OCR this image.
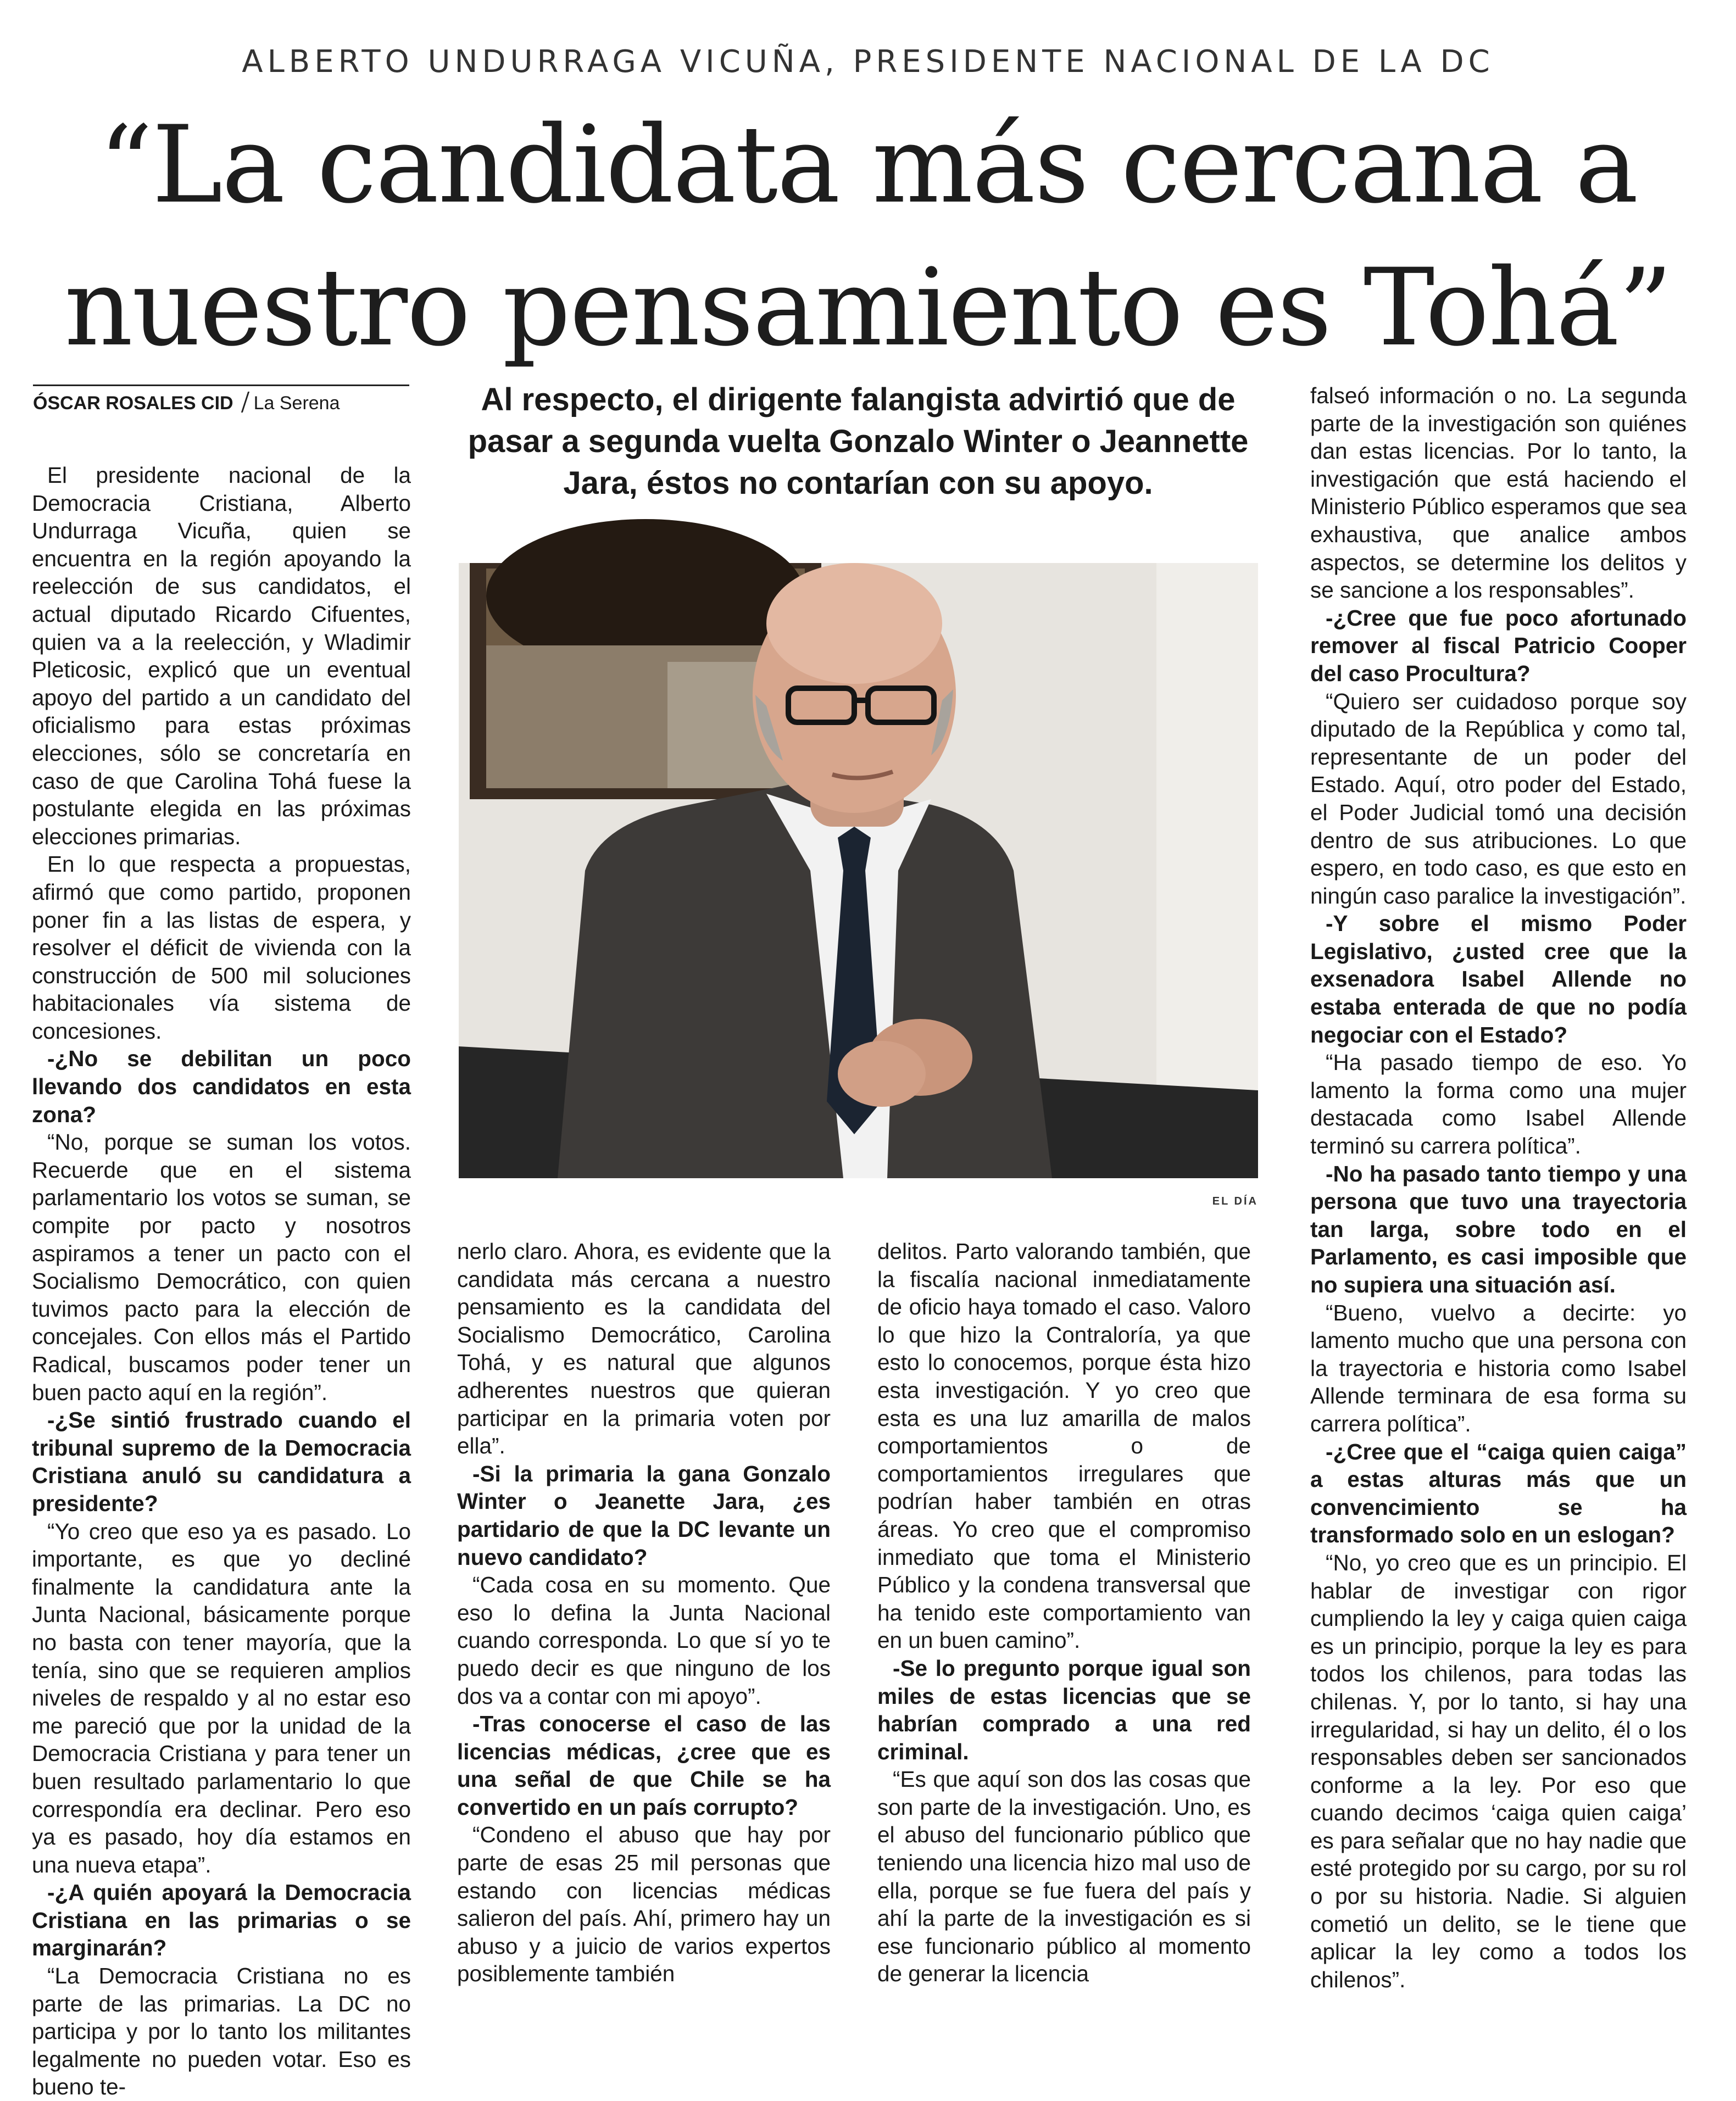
ALBERTO UNDURRAGA VICUÑA, PRESIDENTE NACIONAL DE LA DC
“La candidata más cercana a
nuestro pensamiento es Tohá”
ÓSCAR ROSALES CID La Serena

El presidente nacional de la Democracia Cristiana, Alberto Undurraga Vicuña, quien se encuentra en la región apoyando la reelección de sus candidatos, el actual diputado Ricardo Cifuentes, quien va a la reelección, y Wladimir Pleticosic, explicó que un eventual apoyo del partido a un candidato del oficialismo para estas próximas elecciones, sólo se concretaría en caso de que Carolina Tohá fuese la postulante elegida en las próximas elecciones primarias.

En lo que respecta a propuestas, afirmó que como partido, proponen poner fin a las listas de espera, y resolver el déficit de vivienda con la construcción de 500 mil soluciones habitacionales vía sistema de concesiones.

-¿No se debilitan un poco llevando dos candidatos en esta zona?

“No, porque se suman los votos. Recuerde que en el sistema parlamentario los votos se suman, se compite por pacto y nosotros aspiramos a tener un pacto con el Socialismo Democrático, con quien tuvimos pacto para la elección de concejales. Con ellos más el Partido Radical, buscamos poder tener un buen pacto aquí en la región”.

-¿Se sintió frustrado cuando el tribunal supremo de la Democracia Cristiana anuló su candidatura a presidente?

“Yo creo que eso ya es pasado. Lo importante, es que yo decliné finalmente la candidatura ante la Junta Nacional, básicamente porque no basta con tener mayoría, que la tenía, sino que se requieren amplios niveles de respaldo y al no estar eso me pareció que por la unidad de la Democracia Cristiana y para tener un buen resultado parlamentario lo que correspondía era declinar. Pero eso ya es pasado, hoy día estamos en una nueva etapa”.

-¿A quién apoyará la Democracia Cristiana en las primarias o se marginarán?

“La Democracia Cristiana no es parte de las primarias. La DC no participa y por lo tanto los militantes legalmente no pueden votar. Eso es bueno te-

Al respecto, el dirigente falangista advirtió que de pasar a segunda vuelta Gonzalo Winter o Jeannette Jara, éstos no contarían con su apoyo.
EL DÍA

nerlo claro. Ahora, es evidente que la candidata más cercana a nuestro pensamiento es la candidata del Socialismo Democrático, Carolina Tohá, y es natural que algunos adherentes nuestros que quieran participar en la primaria voten por ella”.

-Si la primaria la gana Gonzalo Winter o Jeanette Jara, ¿es partidario de que la DC levante un nuevo candidato?

“Cada cosa en su momento. Que eso lo defina la Junta Nacional cuando corresponda. Lo que sí yo te puedo decir es que ninguno de los dos va a contar con mi apoyo”.

-Tras conocerse el caso de las licencias médicas, ¿cree que es una señal de que Chile se ha convertido en un país corrupto?

“Condeno el abuso que hay por parte de esas 25 mil personas que estando con licencias médicas salieron del país. Ahí, primero hay un abuso y a juicio de varios expertos posiblemente también

delitos. Parto valorando también, que la fiscalía nacional inmediatamente de oficio haya tomado el caso. Valoro lo que hizo la Contraloría, ya que esto lo conocemos, porque ésta hizo esta investigación. Y yo creo que esta es una luz amarilla de malos comportamientos o de comportamientos irregulares que podrían haber también en otras áreas. Yo creo que el compromiso inmediato que toma el Ministerio Público y la condena transversal que ha tenido este comportamiento van en un buen camino”.

-Se lo pregunto porque igual son miles de estas licencias que se habrían comprado a una red criminal.

“Es que aquí son dos las cosas que son parte de la investigación. Uno, es el abuso del funcionario público que teniendo una licencia hizo mal uso de ella, porque se fue fuera del país y ahí la parte de la investigación es si ese funcionario público al momento de generar la licencia

falseó información o no. La segunda parte de la investigación son quiénes dan estas licencias. Por lo tanto, la investigación que está haciendo el Ministerio Público esperamos que sea exhaustiva, que analice ambos aspectos, se determine los delitos y se sancione a los responsables”.

-¿Cree que fue poco afortunado remover al fiscal Patricio Cooper del caso Procultura?

“Quiero ser cuidadoso porque soy diputado de la República y como tal, representante de un poder del Estado. Aquí, otro poder del Estado, el Poder Judicial tomó una decisión dentro de sus atribuciones. Lo que espero, en todo caso, es que esto en ningún caso paralice la investigación”.

-Y sobre el mismo Poder Legislativo, ¿usted cree que la exsenadora Isabel Allende no estaba enterada de que no podía negociar con el Estado?

“Ha pasado tiempo de eso. Yo lamento la forma como una mujer destacada como Isabel Allende terminó su carrera política”.

-No ha pasado tanto tiempo y una persona que tuvo una trayectoria tan larga, sobre todo en el Parlamento, es casi imposible que no supiera una situación así.

“Bueno, vuelvo a decirte: yo lamento mucho que una persona con la trayectoria e historia como Isabel Allende terminara de esa forma su carrera política”.

-¿Cree que el “caiga quien caiga” a estas alturas más que un convencimiento se ha transformado solo en un eslogan?

“No, yo creo que es un principio. El hablar de investigar con rigor cumpliendo la ley y caiga quien caiga es un principio, porque la ley es para todos los chilenos, para todas las chilenas. Y, por lo tanto, si hay una irregularidad, si hay un delito, él o los responsables deben ser sancionados conforme a la ley. Por eso que cuando decimos ‘caiga quien caiga’ es para señalar que no hay nadie que esté protegido por su cargo, por su rol o por su historia. Nadie. Si alguien cometió un delito, se le tiene que aplicar la ley como a todos los chilenos”.
